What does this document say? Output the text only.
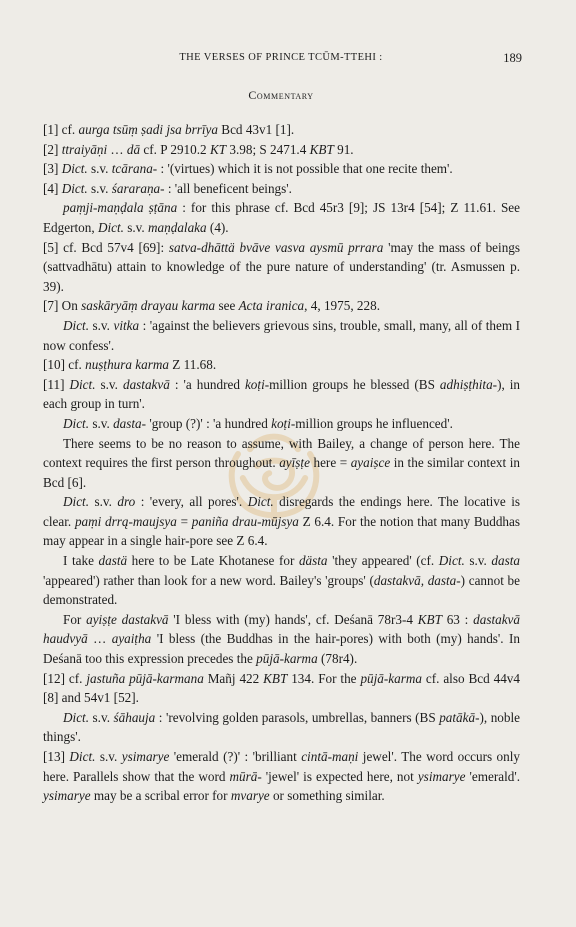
THE VERSES OF PRINCE TCŪM-TTEHI :	189
Commentary

[1] cf. aurga tsūṃ ṣadi jsa brrīya Bcd 43v1 [1].

[2] ttraiyāṇi … dā cf. P 2910.2 KT 3.98; S 2471.4 KBT 91.

[3] Dict. s.v. tcārana- : '(virtues) which it is not possible that one recite them'.

[4] Dict. s.v. śararaṇa- : 'all beneficent beings'.

paṃji-maṇḍala ṣṭāna : for this phrase cf. Bcd 45r3 [9]; JS 13r4 [54]; Z 11.61. See Edgerton, Dict. s.v. maṇḍalaka (4).

[5] cf. Bcd 57v4 [69]: satva-dhāttä bvāve vasva aysmū prrara 'may the mass of beings (sattvadhātu) attain to knowledge of the pure nature of understanding' (tr. Asmussen p. 39).

[7] On saskāryāṃ drayau karma see Acta iranica, 4, 1975, 228.

Dict. s.v. vitka : 'against the believers grievous sins, trouble, small, many, all of them I now confess'.

[10] cf. nuṣṭhura karma Z 11.68.

[11] Dict. s.v. dastakvā : 'a hundred koṭi-million groups he blessed (BS adhiṣṭhita-), in each group in turn'.

Dict. s.v. dasta- 'group (?)' : 'a hundred koṭi-million groups he influenced'.

There seems to be no reason to assume, with Bailey, a change of person here. The context requires the first person throughout. ayīṣṭe here = ayaiṣce in the similar context in Bcd [6].

Dict. s.v. dro : 'every, all pores'. Dict. disregards the endings here. The locative is clear. paṃi drrą-maujsya = paniña drau-mūjsya Z 6.4. For the notion that many Buddhas may appear in a single hair-pore see Z 6.4.

I take dastä here to be Late Khotanese for dästa 'they appeared' (cf. Dict. s.v. dasta 'appeared') rather than look for a new word. Bailey's 'groups' (dastakvā, dasta-) cannot be demonstrated.

For ayiṣṭe dastakvā 'I bless with (my) hands', cf. Deśanā 78r3-4 KBT 63 : dastakvā haudvyā … ayaiṭha 'I bless (the Buddhas in the hair-pores) with both (my) hands'. In Deśanā too this expression precedes the pūjā-karma (78r4).

[12] cf. jastuña pūjā-karmana Mañj 422 KBT 134. For the pūjā-karma cf. also Bcd 44v4 [8] and 54v1 [52].

Dict. s.v. śāhauja : 'revolving golden parasols, umbrellas, banners (BS patākā-), noble things'.

[13] Dict. s.v. ysimarye 'emerald (?)' : 'brilliant cintā-maṇi jewel'. The word occurs only here. Parallels show that the word mūrā- 'jewel' is expected here, not ysimarye 'emerald'. ysimarye may be a scribal error for mvarye or something similar.
